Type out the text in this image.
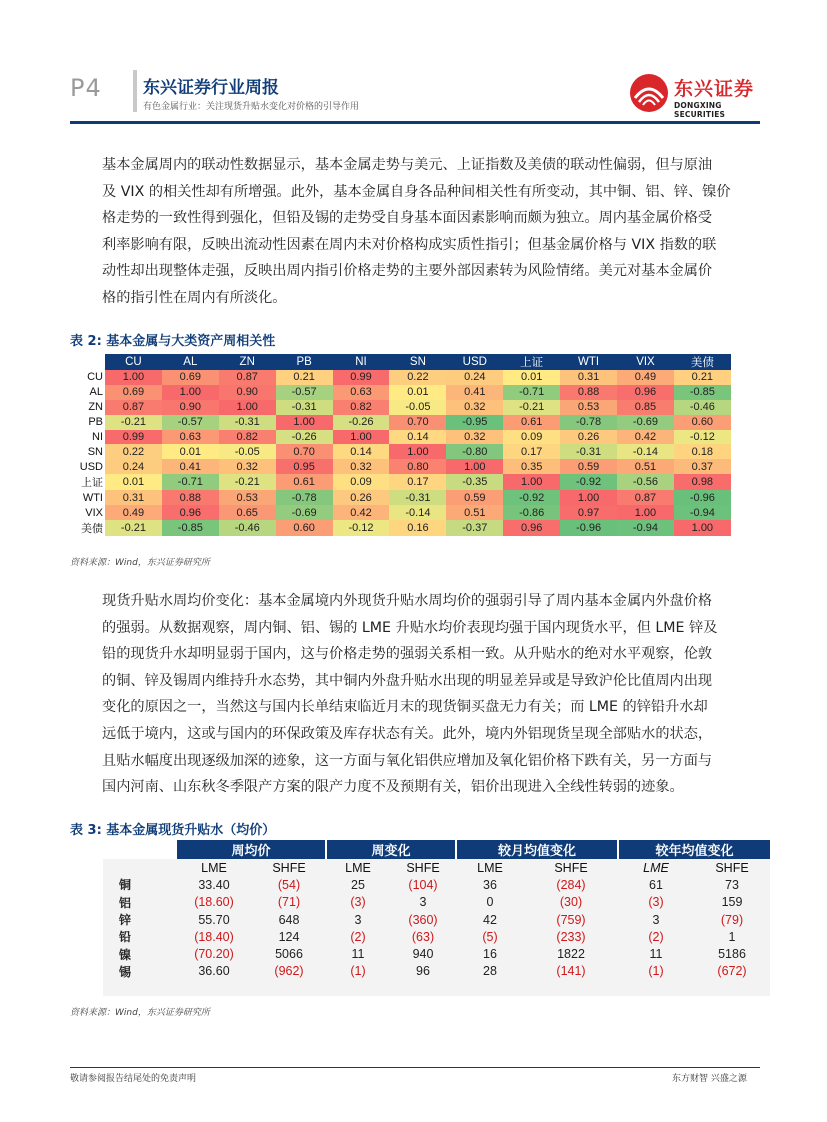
P4 东兴证券行业周报
有色金属行业：关注现货升贴水变化对价格的引导作用
东兴证券
DONGXING SECURITIES
基本金属周内的联动性数据显示，基本金属走势与美元、上证指数及美债的联动性偏弱，但与原油
及 VIX 的相关性却有所增强。此外，基本金属自身各品种间相关性有所变动，其中铜、铝、锌、镍价
格走势的一致性得到强化，但铅及锡的走势受自身基本面因素影响而颇为独立。周内基金属价格受
利率影响有限，反映出流动性因素在周内未对价格构成实质性指引；但基金属价格与 VIX 指数的联
动性却出现整体走强，反映出周内指引价格走势的主要外部因素转为风险情绪。美元对基本金属价
格的指引性在周内有所淡化。
表 2: 基本金属与大类资产周相关性
	CU	AL	ZN	PB	NI	SN	USD	上证	WTI	VIX	美债
CU	1.00	0.69	0.87	0.21	0.99	0.22	0.24	0.01	0.31	0.49	0.21
AL	0.69	1.00	0.90	-0.57	0.63	0.01	0.41	-0.71	0.88	0.96	-0.85
ZN	0.87	0.90	1.00	-0.31	0.82	-0.05	0.32	-0.21	0.53	0.85	-0.46
PB	-0.21	-0.57	-0.31	1.00	-0.26	0.70	-0.95	0.61	-0.78	-0.69	0.60
NI	0.99	0.63	0.82	-0.26	1.00	0.14	0.32	0.09	0.26	0.42	-0.12
SN	0.22	0.01	-0.05	0.70	0.14	1.00	-0.80	0.17	-0.31	-0.14	0.18
USD	0.24	0.41	0.32	0.95	0.32	0.80	1.00	0.35	0.59	0.51	0.37
上证	0.01	-0.71	-0.21	0.61	0.09	0.17	-0.35	1.00	-0.92	-0.56	0.98
WTI	0.31	0.88	0.53	-0.78	0.26	-0.31	0.59	-0.92	1.00	0.87	-0.96
VIX	0.49	0.96	0.65	-0.69	0.42	-0.14	0.51	-0.86	0.97	1.00	-0.94
美债	-0.21	-0.85	-0.46	0.60	-0.12	0.16	-0.37	0.96	-0.96	-0.94	1.00
资料来源：Wind，东兴证券研究所
现货升贴水周均价变化：基本金属境内外现货升贴水周均价的强弱引导了周内基本金属内外盘价格
的强弱。从数据观察，周内铜、铝、锡的 LME 升贴水均价表现均强于国内现货水平，但 LME 锌及
铅的现货升水却明显弱于国内，这与价格走势的强弱关系相一致。从升贴水的绝对水平观察，伦敦
的铜、锌及锡周内维持升水态势，其中铜内外盘升贴水出现的明显差异或是导致沪伦比值周内出现
变化的原因之一，当然这与国内长单结束临近月末的现货铜买盘无力有关；而 LME 的锌铅升水却
远低于境内，这或与国内的环保政策及库存状态有关。此外，境内外铝现货呈现全部贴水的状态，
且贴水幅度出现逐级加深的迹象，这一方面与氧化铝供应增加及氧化铝价格下跌有关，另一方面与
国内河南、山东秋冬季限产方案的限产力度不及预期有关，铝价出现进入全线性转弱的迹象。
表 3: 基本金属现货升贴水（均价）
	周均价		周变化		较月均值变化		较年均值变化	
	LME	SHFE	LME	SHFE	LME	SHFE	LME	SHFE
铜	33.40	(54)	25	(104)	36	(284)	61	73
铝	(18.60)	(71)	(3)	3	0	(30)	(3)	159
锌	55.70	648	3	(360)	42	(759)	3	(79)
铅	(18.40)	124	(2)	(63)	(5)	(233)	(2)	1
镍	(70.20)	5066	11	940	16	1822	11	5186
锡	36.60	(962)	(1)	96	28	(141)	(1)	(672)

资料来源：Wind，东兴证券研究所
敬请参阅报告结尾处的免责声明	东方财智 兴盛之源
